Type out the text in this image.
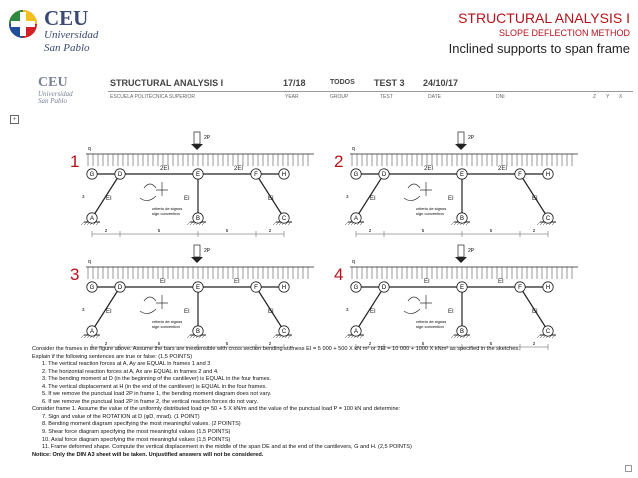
CEU
Universidad
San Pablo
STRUCTURAL ANALYSIS I
SLOPE DEFLECTION METHOD
Inclined supports to span frame
CEU
Universidad
San Pablo
STRUCTURAL ANALYSIS I	17/18	TODOS TEST 3 24/10/17
ESCUELA POLITÉCNICA SUPERIOR	YEAR	GROUP	TEST	DATE	DNI	Z Y X
+
1	2
3	4
q
2P
G	D	E	F	H
A	B	C
2EI	2EI
EI	EI	EI
criterio de signos
sign convention
2	5	5	2
3
q
2P
G	D	E	F	H
A	B	C
2EI	2EI
EI	EI	EI
criterio de signos
sign convention
2	5	5	2
3
q
2P
G	D	E	F	H
A	B	C
EI	EI
EI	EI	EI
criterio de signos
sign convention
2	5	5	2
3
q
2P
G	D	E	F	H
A	B	C
EI	EI
EI	EI	EI
criterio de signos
sign convention
2	5	5	2
3
Consider the frames in the figure above. Assume the bars are inextensible with cross section bending stiffness EI = 5 000 + 500 X kN m² or 2EI = 10 000 + 1000 X kNm² as specified in the sketches.
Explain if the following sentences are true or false: (1,5 POINTS)
1. The vertical reaction forces at A, Ay are EQUAL in frames 1 and 3
2. The horizontal reaction forces at A, Ax are EQUAL in frames 2 and 4.
3. The bending moment at D (in the beginning of the cantilever) is EQUAL in the four frames.
4. The vertical displacement at H (in the end of the cantilever) is EQUAL in the four frames.
5. If we remove the punctual load 2P in frame 1, the bending moment diagram does not vary.
6. If we remove the punctual load 2P in frame 2, the vertical reaction forces do not vary.
Consider frame 1. Assume the value of the uniformly distributed load q= 50 + 5 X kN/m and the value of the punctual load P = 100 kN and determine:
7. Sign and value of the ROTATION at D (φD, mrad). (1 POINT)
8. Bending moment diagram specifying the most meaningful values. (2 POINTS)
9. Shear force diagram specifying the most meaningful values (1,5 POINTS)
10. Axial force diagram specifying the most meaningful values (1,5 POINTS)
11. Frame deformed shape. Compute the vertical displacement in the middle of the span DE and at the end of the cantilevers, G and H. (2,5 POINTS)
Notice: Only the DIN A3 sheet will be taken. Unjustified answers will not be considered.
